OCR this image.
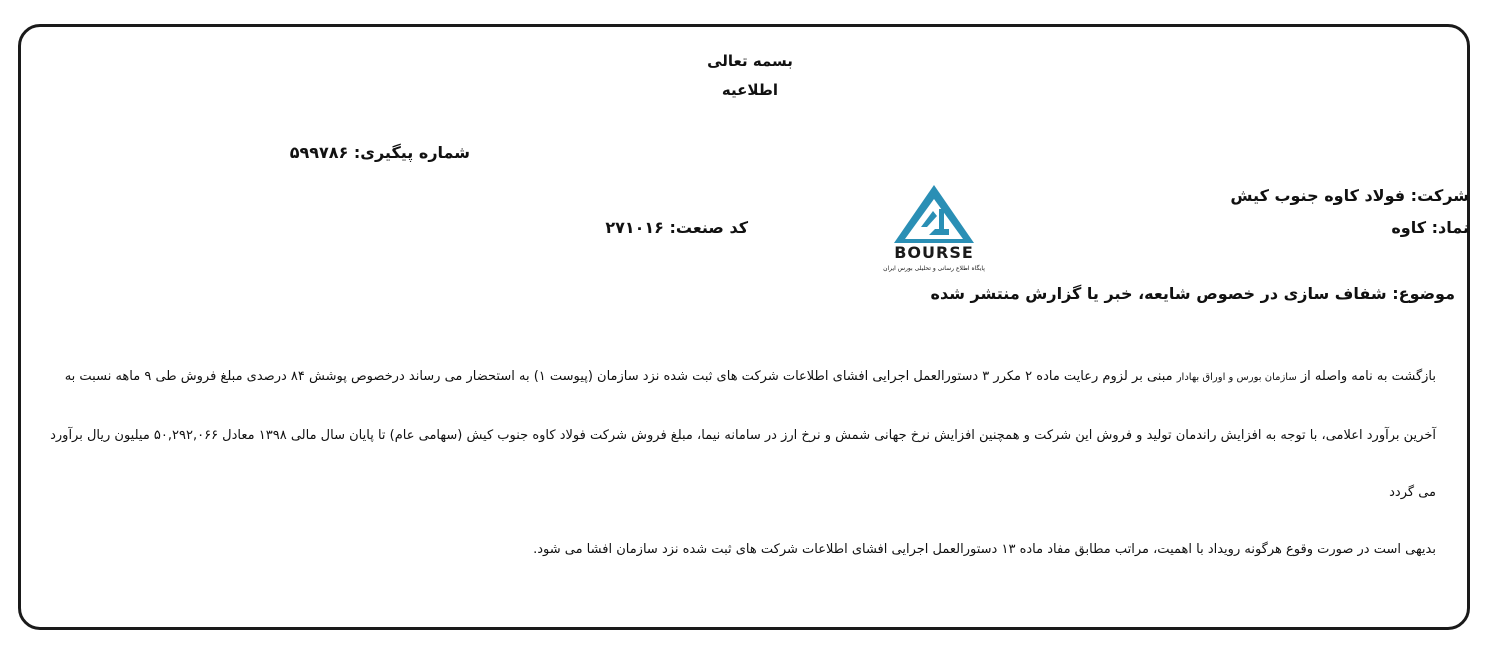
بسمه تعالی
اطلاعیه
شماره پیگیری: ۵۹۹۷۸۶
شرکت: فولاد کاوه جنوب کیش
نماد: کاوه
کد صنعت: ۲۷۱۰۱۶
BOURSE
پایگاه اطلاع رسانی و تحلیلی بورس ایران
موضوع: شفاف سازی در خصوص شایعه، خبر یا گزارش منتشر شده
بازگشت به نامه واصله از سازمان بورس و اوراق بهادار مبنی بر لزوم رعایت ماده ۲ مکرر ۳ دستورالعمل اجرایی افشای اطلاعات شرکت های ثبت شده نزد سازمان (پیوست ۱) به استحضار می رساند درخصوص پوشش ۸۴ درصدی مبلغ فروش طی ۹ ماهه نسبت به
آخرین برآورد اعلامی، با توجه به افزایش راندمان تولید و فروش این شرکت و همچنین افزایش نرخ جهانی شمش و نرخ ارز در سامانه نیما، مبلغ فروش شرکت فولاد کاوه جنوب کیش (سهامی عام) تا پایان سال مالی ۱۳۹۸ معادل ۵۰,۲۹۲,۰۶۶ میلیون ریال برآورد
می گردد
بدیهی است در صورت وقوع هرگونه رویداد با اهمیت، مراتب مطابق مفاد ماده ۱۳ دستورالعمل اجرایی افشای اطلاعات شرکت های ثبت شده نزد سازمان افشا می شود.
